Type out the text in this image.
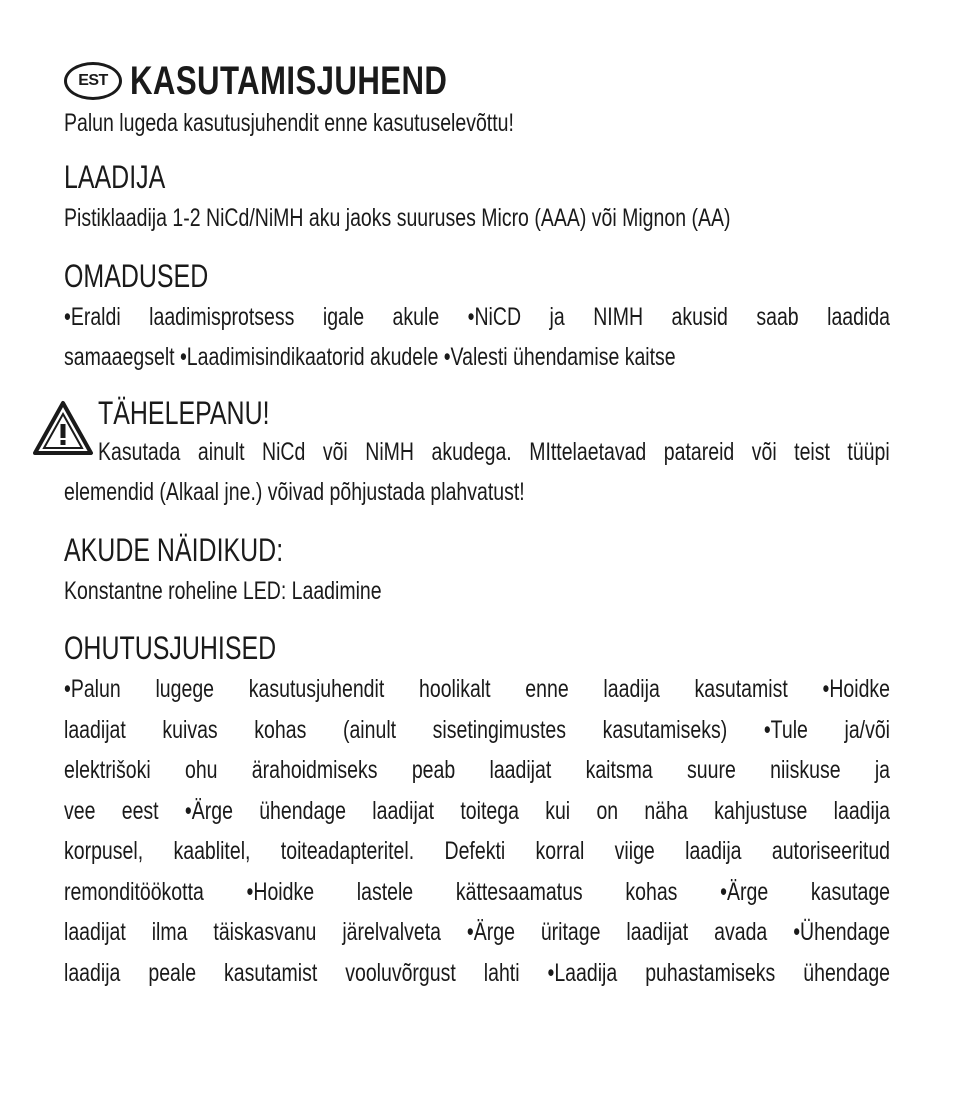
EST KASUTAMISJUHEND
Palun lugeda kasutusjuhendit enne kasutuselevõttu!
LAADIJA
Pistiklaadija 1-2 NiCd/NiMH aku jaoks suuruses Micro (AAA) või Mignon (AA)
OMADUSED
•Eraldi laadimisprotsess igale akule •NiCD ja NIMH akusid saab laadida
samaaegselt •Laadimisindikaatorid akudele •Valesti ühendamise kaitse
TÄHELEPANU!
Kasutada ainult NiCd või NiMH akudega. MIttelaetavad patareid või teist tüüpi
elemendid (Alkaal jne.) võivad põhjustada plahvatust!
AKUDE NÄIDIKUD:
Konstantne roheline LED: Laadimine
OHUTUSJUHISED
•Palun lugege kasutusjuhendit hoolikalt enne laadija kasutamist •Hoidke
laadijat kuivas kohas (ainult sisetingimustes kasutamiseks) •Tule ja/või
elektrišoki ohu ärahoidmiseks peab laadijat kaitsma suure niiskuse ja
vee eest •Ärge ühendage laadijat toitega kui on näha kahjustuse laadija
korpusel, kaablitel, toiteadapteritel. Defekti korral viige laadija autoriseeritud
remonditöökotta •Hoidke lastele kättesaamatus kohas •Ärge kasutage
laadijat ilma täiskasvanu järelvalveta •Ärge üritage laadijat avada •Ühendage
laadija peale kasutamist vooluvõrgust lahti •Laadija puhastamiseks ühendage
